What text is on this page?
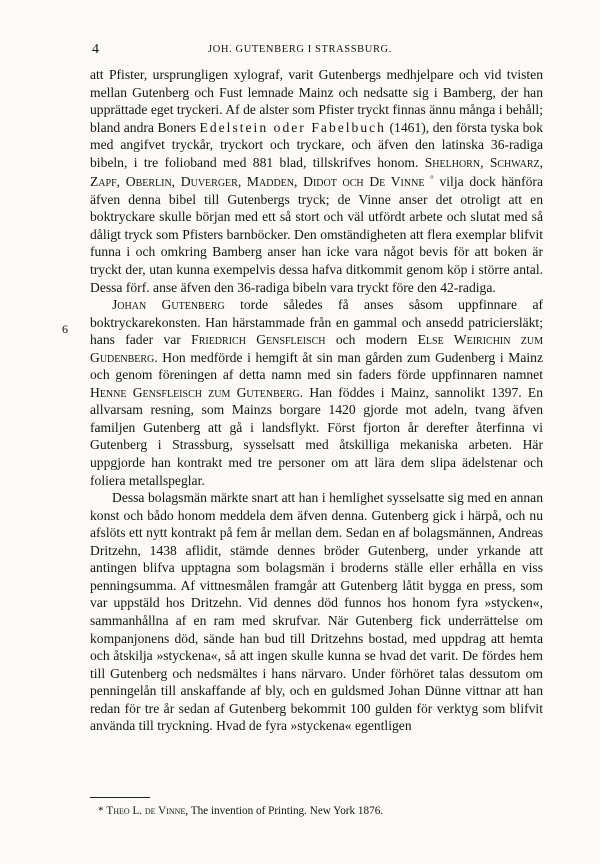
4	JOH. GUTENBERG I STRASSBURG.
6

att Pfister, ursprungligen xylograf, varit Gutenbergs medhjelpare och vid tvisten mellan Gutenberg och Fust lemnade Mainz och nedsatte sig i Bamberg, der han upprättade eget tryckeri. Af de alster som Pfister tryckt finnas ännu många i behåll; bland andra Boners Edelstein oder Fabelbuch (1461), den första tyska bok med angifvet tryckår, tryckort och tryckare, och äfven den latinska 36-radiga bibeln, i tre folioband med 881 blad, tillskrifves honom. Shelhorn, Schwarz, Zapf, Oberlin, Duverger, Madden, Didot och De Vinne ° vilja dock hänföra äfven denna bibel till Gutenbergs tryck; de Vinne anser det otroligt att en boktryckare skulle början med ett så stort och väl utfördt arbete och slutat med så dåligt tryck som Pfisters barnböcker. Den omständigheten att flera exemplar blifvit funna i och omkring Bamberg anser han icke vara något bevis för att boken är tryckt der, utan kunna exempelvis dessa hafva ditkommit genom köp i större antal. Dessa förf. anse äfven den 36-radiga bibeln vara tryckt före den 42-radiga.

Johan Gutenberg torde således få anses såsom uppfinnare af boktryckarekonsten. Han härstammade från en gammal och ansedd patriciersläkt; hans fader var Friedrich Gensfleisch och modern Else Weirichin zum Gudenberg. Hon medförde i hemgift åt sin man gården zum Gudenberg i Mainz och genom föreningen af detta namn med sin faders förde uppfinnaren namnet Henne Gensfleisch zum Gutenberg. Han föddes i Mainz, sannolikt 1397. En allvarsam resning, som Mainzs borgare 1420 gjorde mot adeln, tvang äfven familjen Gutenberg att gå i landsflykt. Först fjorton år derefter återfinna vi Gutenberg i Strassburg, sysselsatt med åtskilliga mekaniska arbeten. Här uppgjorde han kontrakt med tre personer om att lära dem slipa ädelstenar och foliera metallspeglar.

Dessa bolagsmän märkte snart att han i hemlighet sysselsatte sig med en annan konst och bådo honom meddela dem äfven denna. Gutenberg gick i härpå, och nu afslöts ett nytt kontrakt på fem år mellan dem. Sedan en af bolagsmännen, Andreas Dritzehn, 1438 aflidit, stämde dennes bröder Gutenberg, under yrkande att antingen blifva upptagna som bolagsmän i broderns ställe eller erhålla en viss penningsumma. Af vittnesmålen framgår att Gutenberg låtit bygga en press, som var uppstäld hos Dritzehn. Vid dennes död funnos hos honom fyra »stycken«, sammanhållna af en ram med skrufvar. När Gutenberg fick underrättelse om kompanjonens död, sände han bud till Dritzehns bostad, med uppdrag att hemta och åtskilja »styckena«, så att ingen skulle kunna se hvad det varit. De fördes hem till Gutenberg och nedsmältes i hans närvaro. Under förhöret talas dessutom om penningelån till anskaffande af bly, och en guldsmed Johan Dünne vittnar att han redan för tre år sedan af Gutenberg bekommit 100 gulden för verktyg som blifvit använda till tryckning. Hvad de fyra »styckena« egentligen

* Theo L. de Vinne, The invention of Printing. New York 1876.
